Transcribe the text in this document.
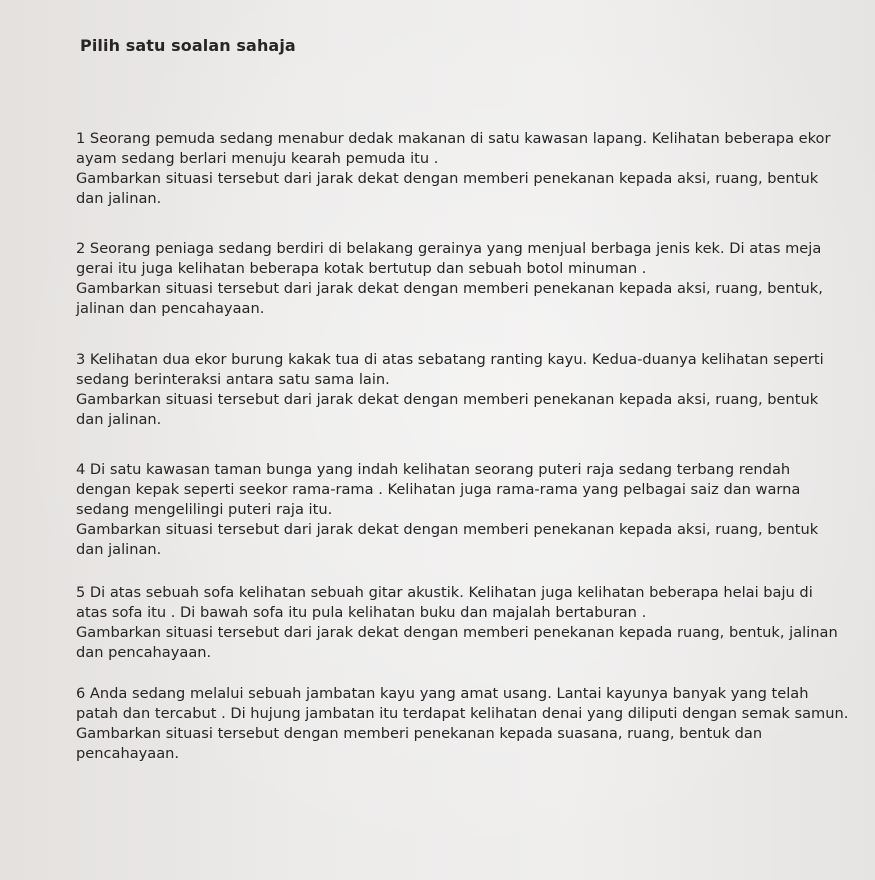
Pilih satu soalan sahaja
1 Seorang pemuda sedang menabur dedak makanan di satu kawasan lapang. Kelihatan beberapa ekor
ayam sedang berlari menuju kearah pemuda itu .
Gambarkan situasi tersebut dari jarak dekat dengan memberi penekanan kepada aksi, ruang, bentuk
dan jalinan.
2 Seorang peniaga sedang berdiri di belakang gerainya yang menjual berbaga jenis kek. Di atas meja
gerai itu juga kelihatan beberapa kotak bertutup dan sebuah botol minuman .
Gambarkan situasi tersebut dari jarak dekat dengan memberi penekanan kepada aksi, ruang, bentuk,
jalinan dan pencahayaan.
3 Kelihatan dua ekor burung kakak tua di atas sebatang ranting kayu. Kedua-duanya kelihatan seperti
sedang berinteraksi antara satu sama lain.
Gambarkan situasi tersebut dari jarak dekat dengan memberi penekanan kepada aksi, ruang, bentuk
dan jalinan.
4 Di satu kawasan taman bunga yang indah kelihatan seorang puteri raja sedang terbang rendah
dengan kepak seperti seekor rama-rama . Kelihatan juga rama-rama yang pelbagai saiz dan warna
sedang mengelilingi puteri raja itu.
Gambarkan situasi tersebut dari jarak dekat dengan memberi penekanan kepada aksi, ruang, bentuk
dan jalinan.
5 Di atas sebuah sofa kelihatan sebuah gitar akustik. Kelihatan juga kelihatan beberapa helai baju di
atas sofa itu . Di bawah sofa itu pula kelihatan buku dan majalah bertaburan .
Gambarkan situasi tersebut dari jarak dekat dengan memberi penekanan kepada ruang, bentuk, jalinan
dan pencahayaan.
6 Anda sedang melalui sebuah jambatan kayu yang amat usang. Lantai kayunya banyak yang telah
patah dan tercabut . Di hujung jambatan itu terdapat kelihatan denai yang diliputi dengan semak samun.
Gambarkan situasi tersebut dengan memberi penekanan kepada suasana, ruang, bentuk dan
pencahayaan.
